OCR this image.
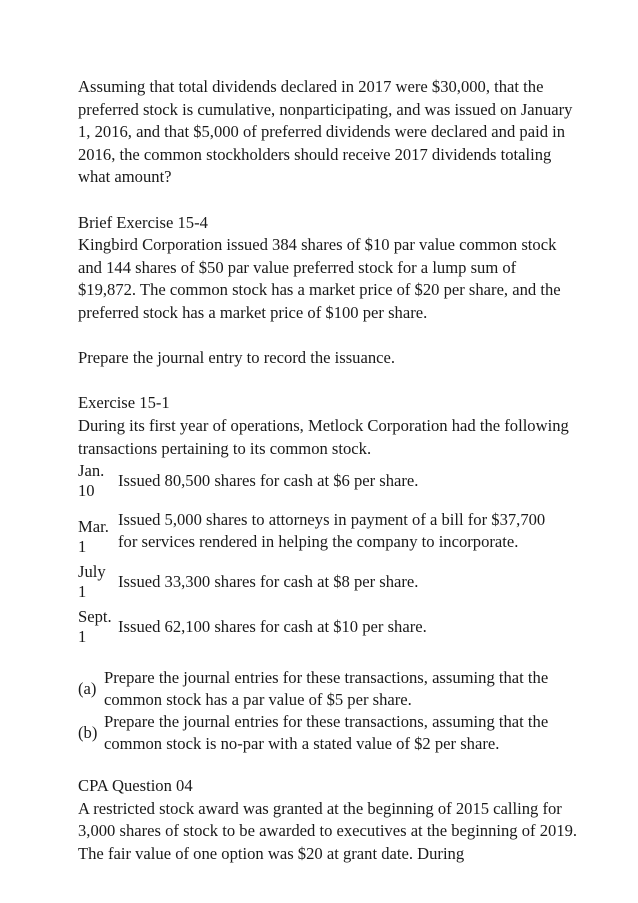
Assuming that total dividends declared in 2017 were $30,000, that the preferred stock is cumulative, nonparticipating, and was issued on January 1, 2016, and that $5,000 of preferred dividends were declared and paid in 2016, the common stockholders should receive 2017 dividends totaling what amount?

Brief Exercise 15-4

Kingbird Corporation issued 384 shares of $10 par value common stock and 144 shares of $50 par value preferred stock for a lump sum of $19,872. The common stock has a market price of $20 per share, and the preferred stock has a market price of $100 per share.

Prepare the journal entry to record the issuance.

Exercise 15-1

During its first year of operations, Metlock Corporation had the following transactions pertaining to its common stock.

Jan.
10	Issued 80,500 shares for cash at $6 per share.

Mar.
1	Issued 5,000 shares to attorneys in payment of a bill for $37,700 for services rendered in helping the company to incorporate.

July
1	Issued 33,300 shares for cash at $8 per share.

Sept.
1	Issued 62,100 shares for cash at $10 per share.
(a)	Prepare the journal entries for these transactions, assuming that the common stock has a par value of $5 per share.
(b)	Prepare the journal entries for these transactions, assuming that the common stock is no-par with a stated value of $2 per share.

CPA Question 04

A restricted stock award was granted at the beginning of 2015 calling for 3,000 shares of stock to be awarded to executives at the beginning of 2019. The fair value of one option was $20 at grant date. During
